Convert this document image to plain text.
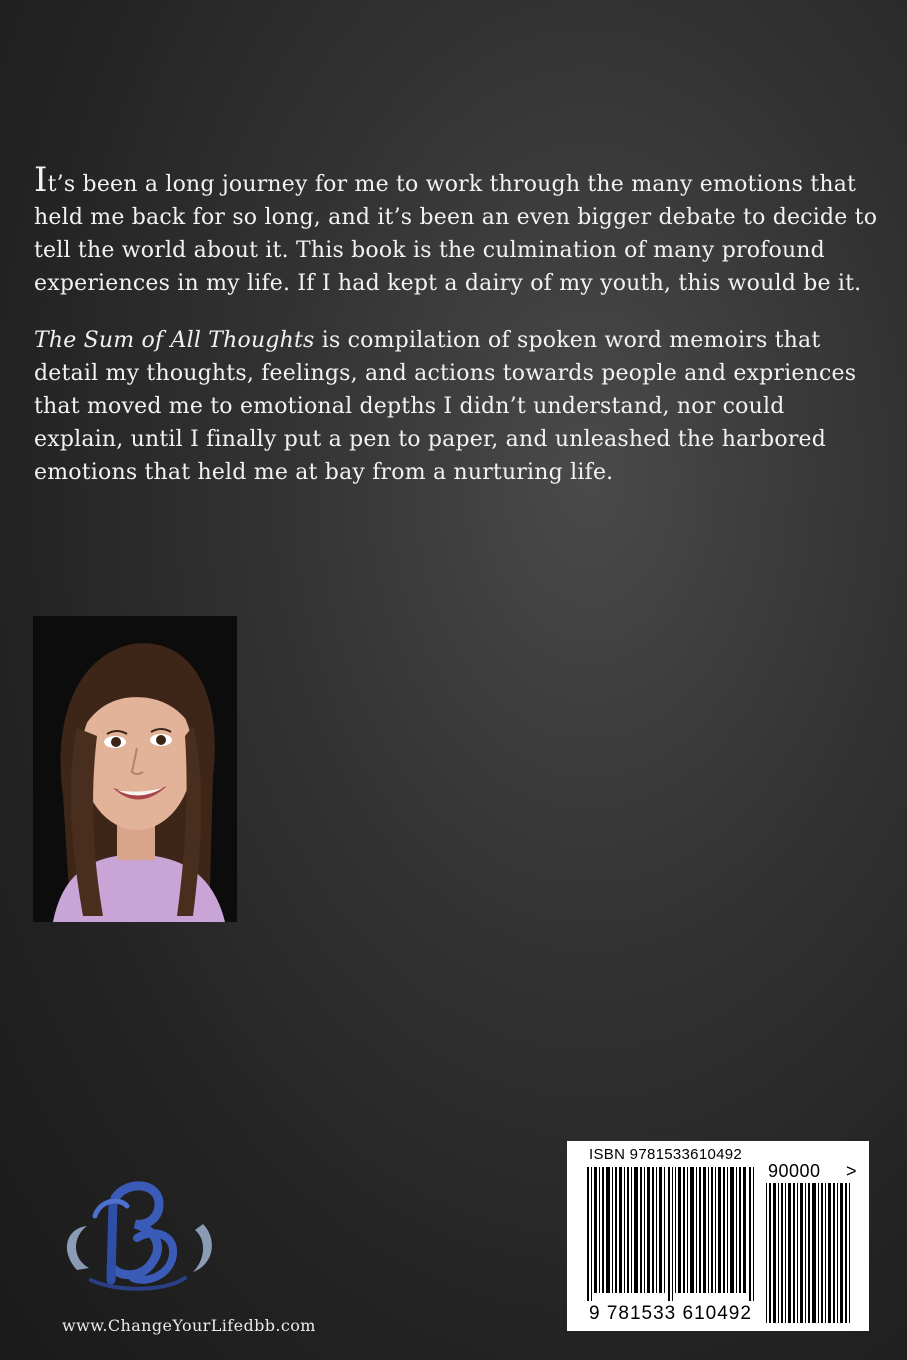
It’s been a long journey for me to work through the many emotions that held me back for so long, and it’s been an even bigger debate to decide to tell the world about it. This book is the culmination of many profound experiences in my life. If I had kept a dairy of my youth, this would be it.

The Sum of All Thoughts is compilation of spoken word memoirs that detail my thoughts, feelings, and actions towards people and expriences that moved me to emotional depths I didn’t understand, nor could explain, until I finally put a pen to paper, and unleashed the harbored emotions that held me at bay from a nurturing life.

www.ChangeYourLifedbb.com
ISBN 9781533610492
9 781533 610492
90000 >
